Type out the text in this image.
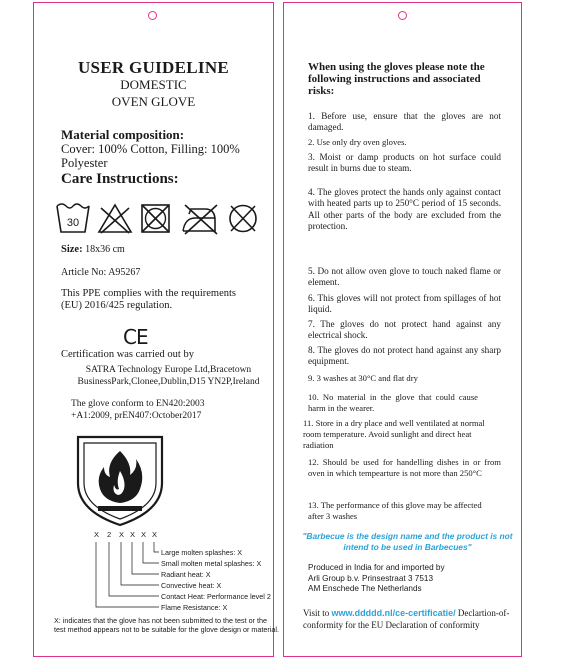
USER GUIDELINE
DOMESTIC
OVEN GLOVE
Material composition:
Cover: 100% Cotton, Filling: 100% Polyester
Care Instructions:
30
Size: 18x36 cm
Article No: A95267
This PPE complies with the requirements (EU) 2016/425 regulation.
CE
Certification was carried out by
SATRA Technology Europe Ltd,Bracetown BusinessPark,Clonee,Dublin,D15 YN2P,Ireland
The glove conform to EN420:2003
+A1:2009, prEN407:October2017
Large molten splashes: X
Small molten metal splashes: X
Radiant heat: X
Convective heat: X
Contact Heat: Performance level 2
Flame Resistance: X
X 2 X X X X
X: indicates that the glove has not been submitted to the test or the test method appears not to be suitable for the glove design or material.
When using the gloves please note the following instructions and associated risks:
1. Before use, ensure that the gloves are not damaged.
2. Use only dry oven gloves.
3. Moist or damp products on hot surface could result in burns due to steam.
4. The gloves protect the hands only against contact with heated parts up to 250°C period of 15 seconds. All other parts of the body are excluded from the protection.
5. Do not allow oven glove to touch naked flame or element.
6. This gloves will not protect from spillages of hot liquid.
7. The gloves do not protect hand against any electrical shock.
8. The gloves do not protect hand against any sharp equipment.
9. 3 washes at 30°C and flat dry
10. No material in the glove that could cause harm in the wearer.
11. Store in a dry place and well ventilated at normal room temperature. Avoid sunlight and direct heat radiation
12. Should be used for handelling dishes in or from oven in which tempearture is not more than 250°C
13. The performance of this glove may be affected after 3 washes
"Barbecue is the design name and the product is not intend to be used in Barbecues"
Produced in India for and imported by
Arli Group b.v. Prinsestraat 3 7513
AM Enschede The Netherlands
Visit to www.ddddd.nl/ce-certificatie/ Declartion-of- conformity for the EU Declaration of conformity
